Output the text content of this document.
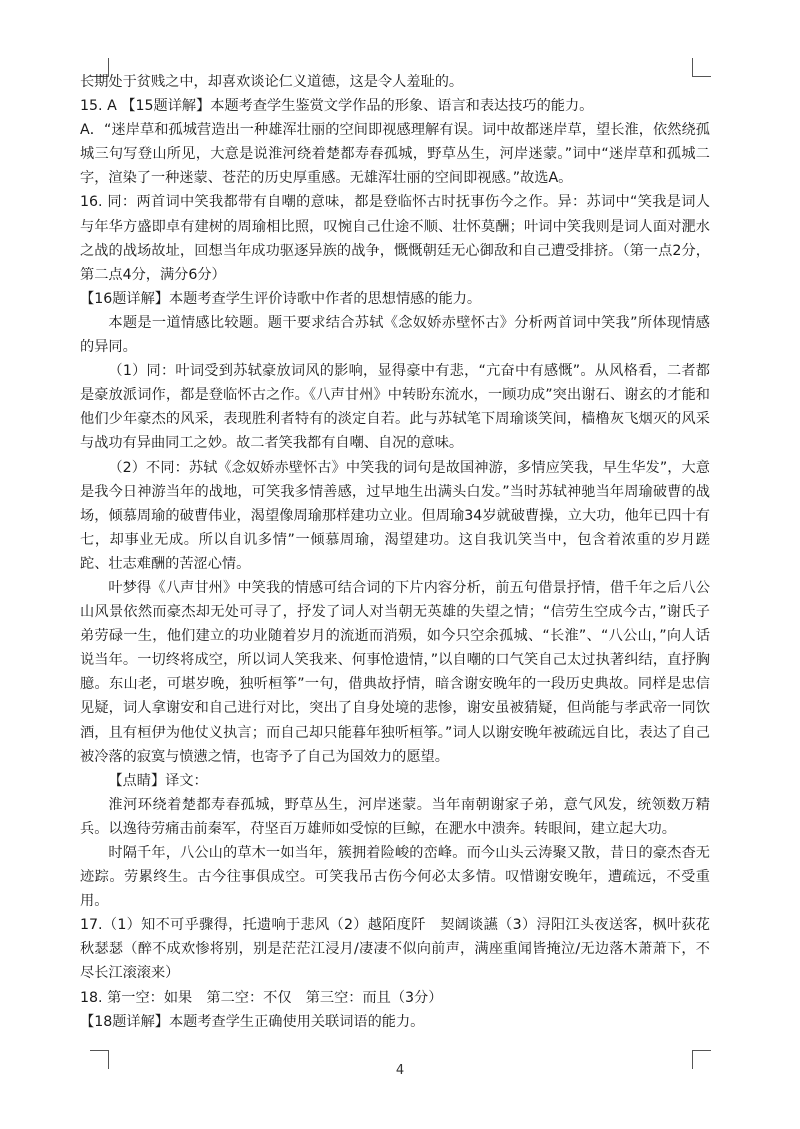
长期处于贫贱之中，却喜欢谈论仁义道德，这是令人羞耻的。

15. A 【15题详解】本题考查学生鉴赏文学作品的形象、语言和表达技巧的能力。

A．“迷岸草和孤城营造出一种雄浑壮丽的空间即视感理解有误。词中故都迷岸草，望长淮，依然绕孤城三句写登山所见，大意是说淮河绕着楚都寿春孤城，野草丛生，河岸迷蒙。”词中“迷岸草和孤城二字，渲染了一种迷蒙、苍茫的历史厚重感。无雄浑壮丽的空间即视感。”故选A。

16. 同：两首词中笑我都带有自嘲的意味，都是登临怀古时抚事伤今之作。异：苏词中“笑我是词人与年华方盛即卓有建树的周瑜相比照，叹惋自己仕途不顺、壮怀莫酬；叶词中笑我则是词人面对淝水之战的战场故址，回想当年成功驱逐异族的战争，慨慨朝廷无心御敌和自己遭受排挤。（第一点2分，第二点4分，满分6分）

【16题详解】本题考查学生评价诗歌中作者的思想情感的能力。

本题是一道情感比较题。题干要求结合苏轼《念奴娇赤壁怀古》分析两首词中笑我”所体现情感的异同。

（1）同：叶词受到苏轼豪放词风的影响，显得豪中有悲，“亢奋中有感慨”。从风格看，二者都是豪放派词作，都是登临怀古之作。《八声甘州》中转盼东流水，一顾功成”突出谢石、谢玄的才能和他们少年豪杰的风采，表现胜利者特有的淡定自若。此与苏轼笔下周瑜谈笑间，樯橹灰飞烟灭的风采与战功有异曲同工之妙。故二者笑我都有自嘲、自况的意味。

（2）不同：苏轼《念奴娇赤壁怀古》中笑我的词句是故国神游，多情应笑我，早生华发”，大意是我今日神游当年的战地，可笑我多情善感，过早地生出满头白发。”当时苏轼神驰当年周瑜破曹的战场，倾慕周瑜的破曹伟业，渴望像周瑜那样建功立业。但周瑜34岁就破曹操，立大功，他年已四十有七，却事业无成。所以自讥多情”一倾慕周瑜，渴望建功。这自我讥笑当中，包含着浓重的岁月蹉跎、壮志难酬的苦涩心情。

叶梦得《八声甘州》中笑我的情感可结合词的下片内容分析，前五句借景抒情，借千年之后八公山风景依然而豪杰却无处可寻了，抒发了词人对当朝无英雄的失望之情；“信劳生空成今古，”谢氏子弟劳碌一生，他们建立的功业随着岁月的流逝而消殒，如今只空余孤城、“长淮”、“八公山，”向人话说当年。一切终将成空，所以词人笑我来、何事怆遗情，”以自嘲的口气笑自己太过执著纠结，直抒胸臆。东山老，可堪岁晚，独听桓筝”一句，借典故抒情，暗含谢安晚年的一段历史典故。同样是忠信见疑，词人拿谢安和自己进行对比，突出了自身处境的悲惨，谢安虽被猜疑，但尚能与孝武帝一同饮酒，且有桓伊为他仗义执言；而自己却只能暮年独听桓筝。”词人以谢安晚年被疏远自比，表达了自己被冷落的寂寞与愤懑之情，也寄予了自己为国效力的愿望。

【点睛】译文：

淮河环绕着楚都寿春孤城，野草丛生，河岸迷蒙。当年南朝谢家子弟，意气风发，统领数万精兵。以逸待劳痛击前秦军，苻坚百万雄师如受惊的巨鲸，在淝水中溃奔。转眼间，建立起大功。

时隔千年，八公山的草木一如当年，簇拥着险峻的峦峰。而今山头云涛聚又散，昔日的豪杰杳无迹踪。劳累终生。古今往事俱成空。可笑我吊古伤今何必太多情。叹惜谢安晚年，遭疏远，不受重用。

17.（1）知不可乎骤得，托遗响于悲风（2）越陌度阡　契阔谈讌（3）浔阳江头夜送客，枫叶荻花秋瑟瑟（醉不成欢惨将别，别是茫茫江浸月/凄凄不似向前声，满座重闻皆掩泣/无边落木萧萧下，不尽长江滚滚来）

18. 第一空：如果　第二空：不仅　第三空：而且（3分）

【18题详解】本题考查学生正确使用关联词语的能力。

4
